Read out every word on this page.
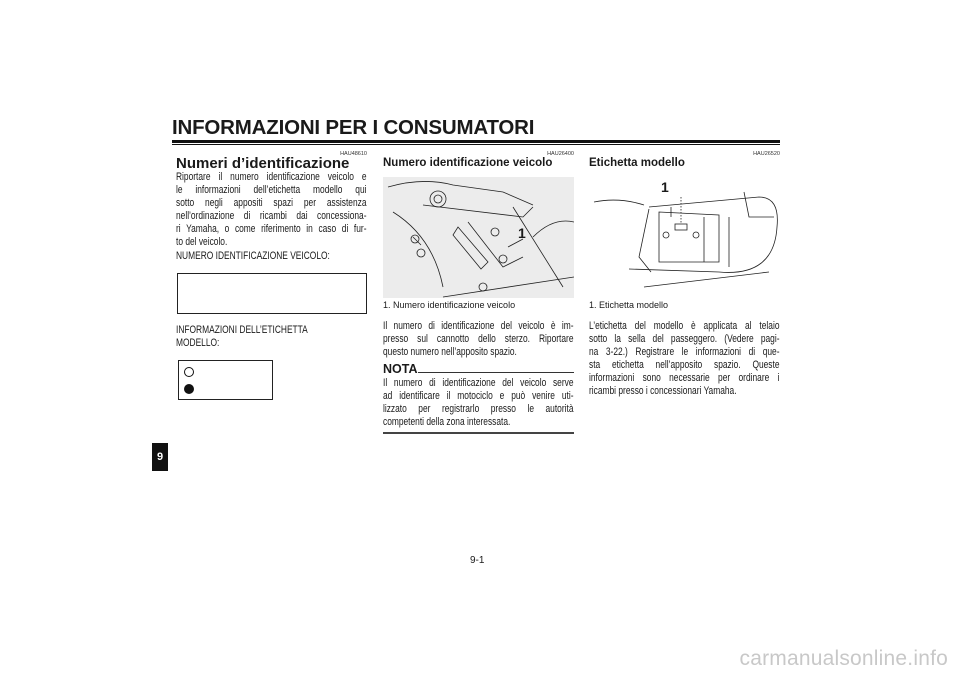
INFORMAZIONI PER I CONSUMATORI
HAU48610
Numeri d’identificazione
Riportare il numero identificazione veicolo e
le informazioni dell’etichetta modello qui
sotto negli appositi spazi per assistenza
nell’ordinazione di ricambi dai concessiona-
ri Yamaha, o come riferimento in caso di fur-
to del veicolo.
NUMERO IDENTIFICAZIONE VEICOLO:
INFORMAZIONI DELL’ETICHETTA
MODELLO:
HAU26400
Numero identificazione veicolo
1
1. Numero identificazione veicolo
Il numero di identificazione del veicolo è im-
presso sul cannotto dello sterzo. Riportare
questo numero nell’apposito spazio.
NOTA
Il numero di identificazione del veicolo serve
ad identificare il motociclo e può venire uti-
lizzato per registrarlo presso le autorità
competenti della zona interessata.
HAU26520
Etichetta modello
1
1. Etichetta modello
L’etichetta del modello è applicata al telaio
sotto la sella del passeggero. (Vedere pagi-
na 3-22.) Registrare le informazioni di que-
sta etichetta nell’apposito spazio. Queste
informazioni sono necessarie per ordinare i
ricambi presso i concessionari Yamaha.
9
9-1
carmanualsonline.info
